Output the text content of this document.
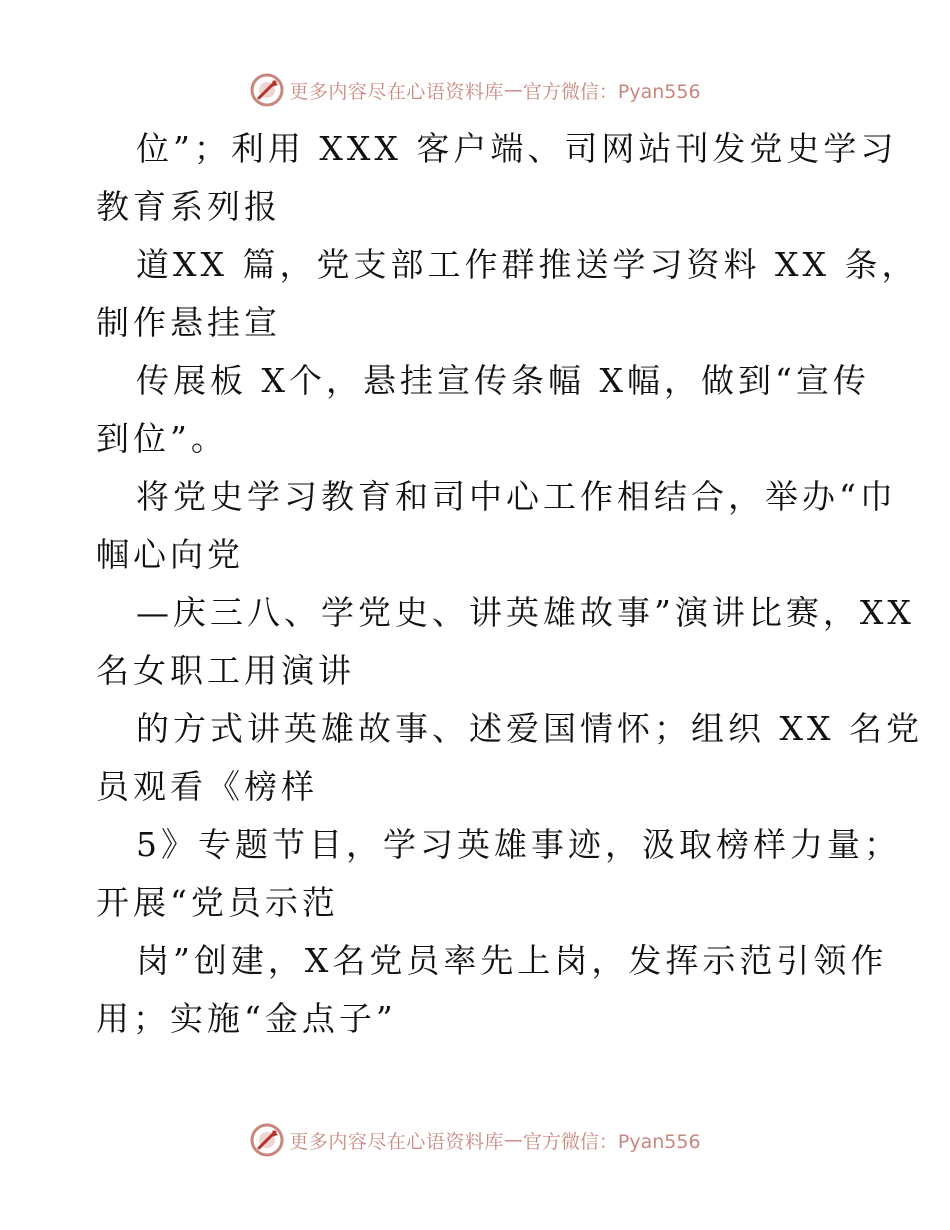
更多内容尽在心语资料库 — 官方微信：Pyan556
位”；利用 XXX 客户端、司网站刊发党史学习
教育系列报
道XX 篇，党支部工作群推送学习资料 XX 条，
制作悬挂宣
传展板 X个，悬挂宣传条幅 X幅，做到“宣传
到位”。
将党史学习教育和司中心工作相结合，举办“巾
帼心向党
—庆三八、学党史、讲英雄故事”演讲比赛，XX
名女职工用演讲
的方式讲英雄故事、述爱国情怀；组织 XX 名党
员观看《榜样
5》专题节目，学习英雄事迹，汲取榜样力量；
开展“党员示范
岗”创建，X名党员率先上岗，发挥示范引领作
用；实施“金点子”
更多内容尽在心语资料库 — 官方微信：Pyan556
